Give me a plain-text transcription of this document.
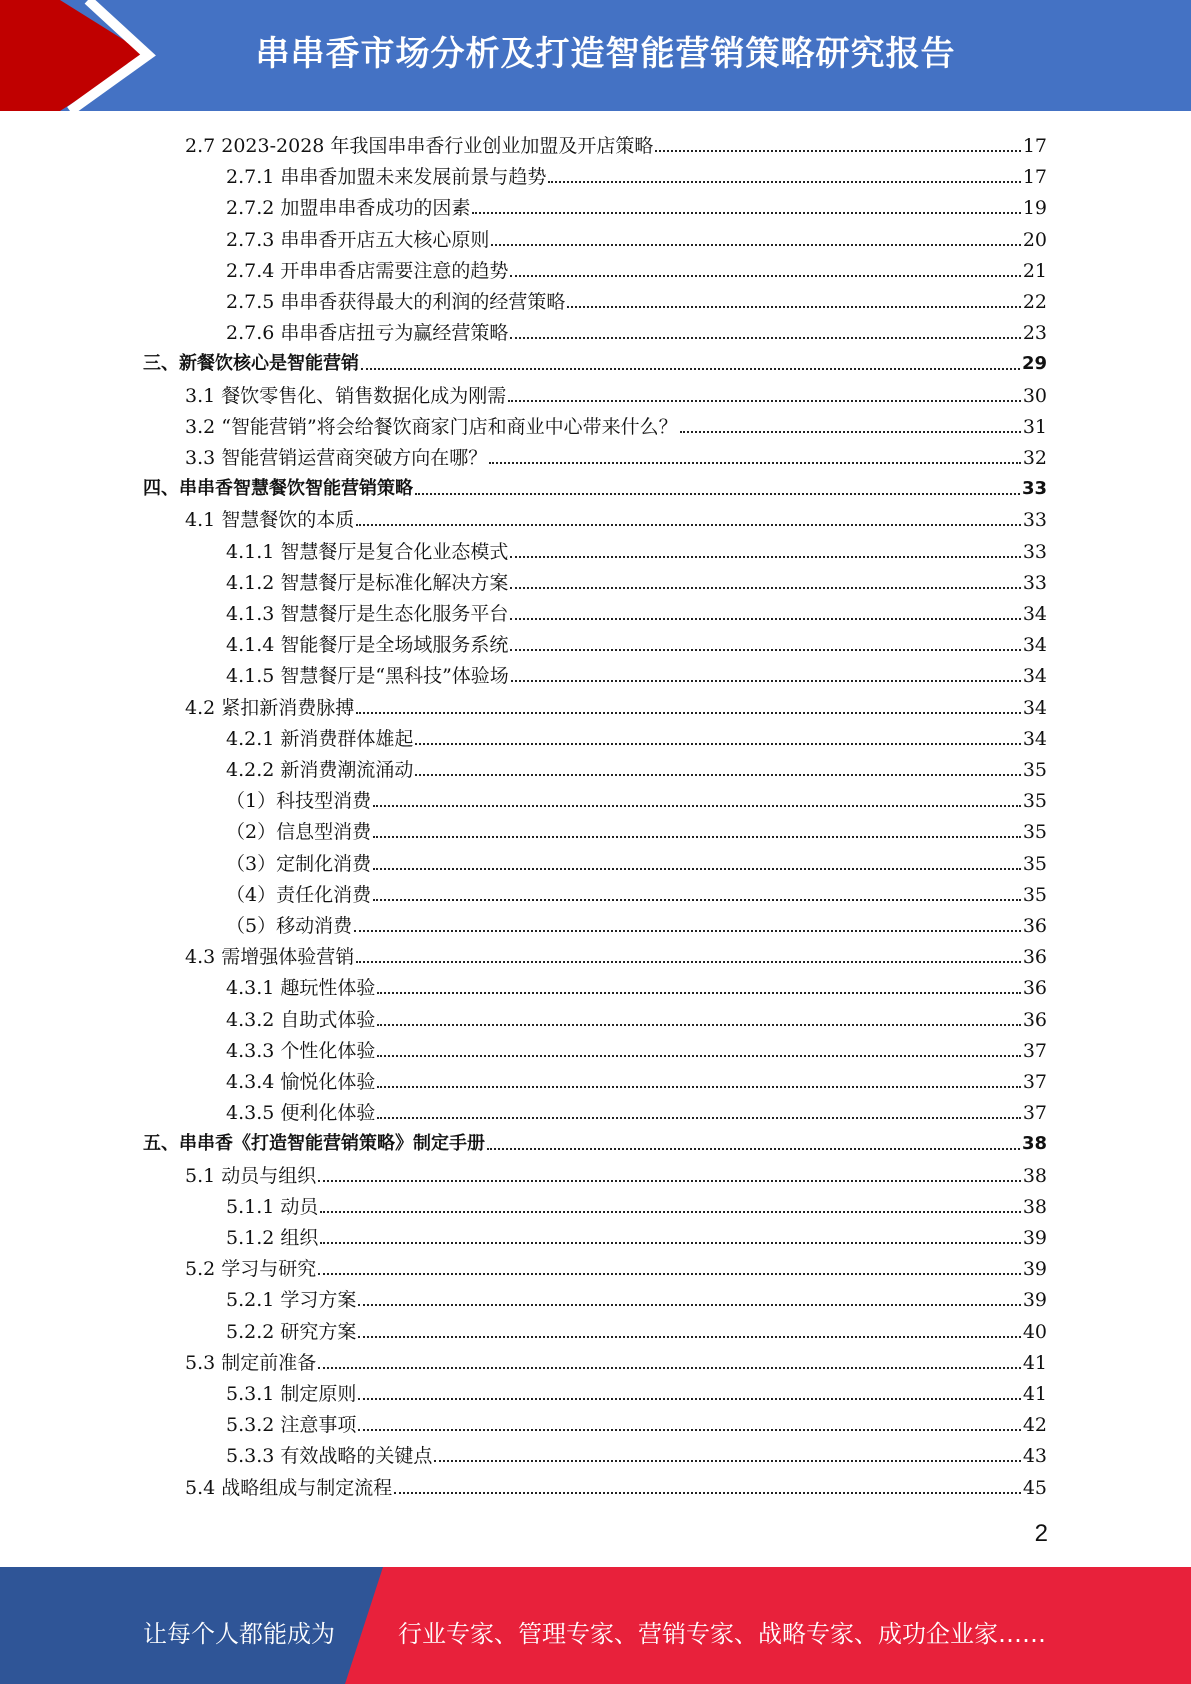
串串香市场分析及打造智能营销策略研究报告
2.7 2023-2028 年我国串串香行业创业加盟及开店策略	17
2.7.1 串串香加盟未来发展前景与趋势	17
2.7.2 加盟串串香成功的因素	19
2.7.3 串串香开店五大核心原则	20
2.7.4 开串串香店需要注意的趋势	21
2.7.5 串串香获得最大的利润的经营策略	22
2.7.6 串串香店扭亏为赢经营策略	23
三、新餐饮核心是智能营销	29
3.1 餐饮零售化、销售数据化成为刚需	30
3.2 “智能营销”将会给餐饮商家门店和商业中心带来什么？	31
3.3 智能营销运营商突破方向在哪？	32
四、串串香智慧餐饮智能营销策略	33
4.1 智慧餐饮的本质	33
4.1.1 智慧餐厅是复合化业态模式	33
4.1.2 智慧餐厅是标准化解决方案	33
4.1.3 智慧餐厅是生态化服务平台	34
4.1.4 智能餐厅是全场域服务系统	34
4.1.5 智慧餐厅是“黑科技”体验场	34
4.2 紧扣新消费脉搏	34
4.2.1 新消费群体雄起	34
4.2.2 新消费潮流涌动	35
（1）科技型消费	35
（2）信息型消费	35
（3）定制化消费	35
（4）责任化消费	35
（5）移动消费	36
4.3 需增强体验营销	36
4.3.1 趣玩性体验	36
4.3.2 自助式体验	36
4.3.3 个性化体验	37
4.3.4 愉悦化体验	37
4.3.5 便利化体验	37
五、串串香《打造智能营销策略》制定手册	38
5.1 动员与组织	38
5.1.1 动员	38
5.1.2 组织	39
5.2 学习与研究	39
5.2.1 学习方案	39
5.2.2 研究方案	40
5.3 制定前准备	41
5.3.1 制定原则	41
5.3.2 注意事项	42
5.3.3 有效战略的关键点	43
5.4 战略组成与制定流程	45
2
让每个人都能成为	行业专家、管理专家、营销专家、战略专家、成功企业家……
